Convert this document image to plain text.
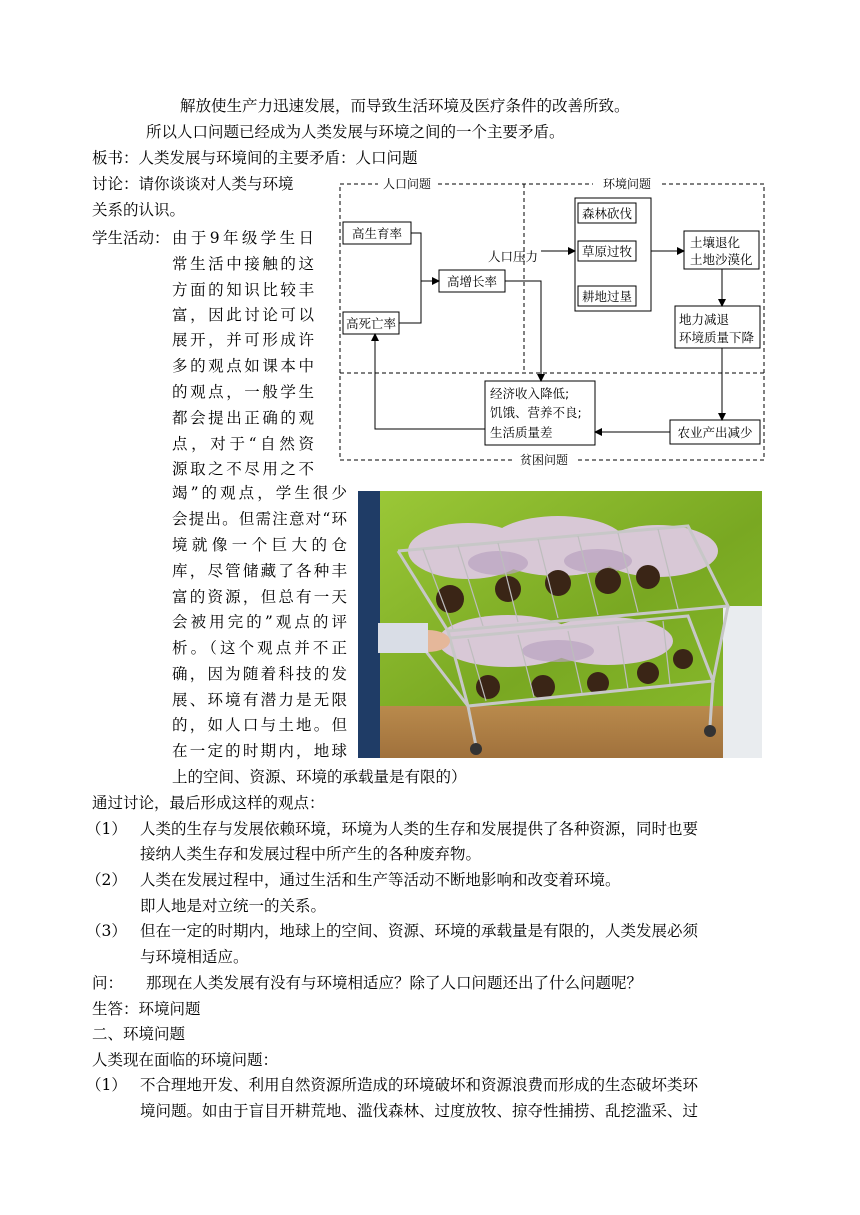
解放使生产力迅速发展，而导致生活环境及医疗条件的改善所致。
所以人口问题已经成为人类发展与环境之间的一个主要矛盾。
板书：人类发展与环境间的主要矛盾：人口问题
讨论：请你谈谈对人类与环境
关系的认识。
学生活动： 由于9年级学生日
常生活中接触的这
方面的知识比较丰
富，因此讨论可以
展开，并可形成许
多的观点如课本中
的观点，一般学生
都会提出正确的观
点，对于“自然资
源取之不尽用之不
竭”的观点，学生很少
会提出。但需注意对“环
境就像一个巨大的仓
库，尽管储藏了各种丰
富的资源，但总有一天
会被用完的”观点的评
析。（这个观点并不正
确，因为随着科技的发
展、环境有潜力是无限
的，如人口与土地。但
在一定的时期内，地球
上的空间、资源、环境的承载量是有限的）
人口问题	环境问题
贫困问题
高生育率
高死亡率
高增长率
人口压力
森林砍伐
草原过牧
耕地过垦
土壤退化
土地沙漠化
地力减退
环境质量下降
经济收入降低;
饥饿、营养不良;
生活质量差	农业产出减少
通过讨论，最后形成这样的观点：
（1） 人类的生存与发展依赖环境，环境为人类的生存和发展提供了各种资源，同时也要
接纳人类生存和发展过程中所产生的各种废弃物。
（2） 人类在发展过程中，通过生活和生产等活动不断地影响和改变着环境。
即人地是对立统一的关系。
（3） 但在一定的时期内，地球上的空间、资源、环境的承载量是有限的，人类发展必须
与环境相适应。
问： 那现在人类发展有没有与环境相适应？除了人口问题还出了什么问题呢？
生答：环境问题
二、环境问题
人类现在面临的环境问题：
（1） 不合理地开发、利用自然资源所造成的环境破坏和资源浪费而形成的生态破坏类环
境问题。如由于盲目开耕荒地、滥伐森林、过度放牧、掠夺性捕捞、乱挖滥采、过
